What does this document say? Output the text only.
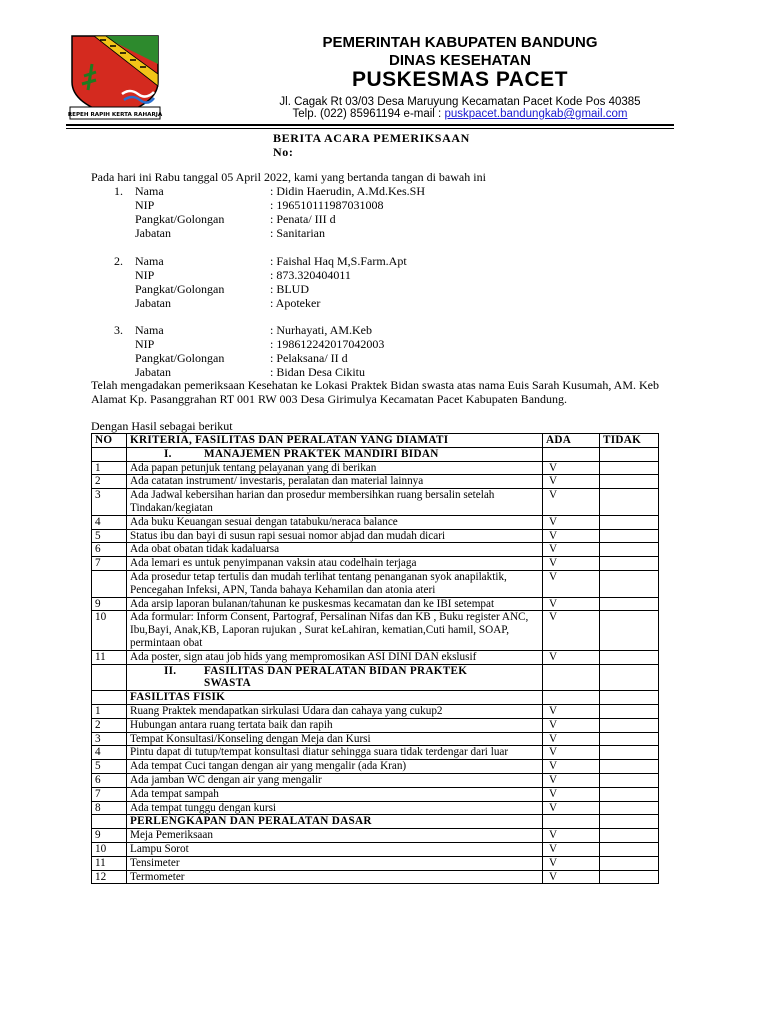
REPEH RAPIH KERTA RAHARJA
PEMERINTAH KABUPATEN BANDUNG
DINAS KESEHATAN
PUSKESMAS PACET
Jl. Cagak Rt 03/03 Desa Maruyung Kecamatan Pacet Kode Pos 40385
Telp. (022) 85961194 e-mail : puskpacet.bandungkab@gmail.com
BERITA ACARA PEMERIKSAAN
No:
Pada hari ini Rabu tanggal 05 April 2022, kami yang bertanda tangan di bawah ini
1. Nama	: Didin Haerudin, A.Md.Kes.SH
NIP	: 196510111987031008
Pangkat/Golongan	: Penata/ III d
Jabatan	: Sanitarian
2. Nama	: Faishal Haq M,S.Farm.Apt
NIP	: 873.320404011
Pangkat/Golongan	: BLUD
Jabatan	: Apoteker
3. Nama	: Nurhayati, AM.Keb
NIP	: 198612242017042003
Pangkat/Golongan	: Pelaksana/ II d
Jabatan	: Bidan Desa Cikitu
Telah mengadakan pemeriksaan Kesehatan ke Lokasi Praktek Bidan swasta atas nama Euis Sarah Kusumah, AM. Keb Alamat Kp. Pasanggrahan RT 001 RW 003 Desa Girimulya Kecamatan Pacet Kabupaten Bandung.
Dengan Hasil sebagai berikut
NO	KRITERIA, FASILITAS DAN PERALATAN YANG DIAMATI	ADA	TIDAK
	I. MANAJEMEN PRAKTEK MANDIRI BIDAN		
1	Ada papan petunjuk tentang pelayanan yang di berikan	V	
2	Ada catatan instrument/ investaris, peralatan dan material lainnya	V	
3	Ada Jadwal kebersihan harian dan prosedur membersihkan ruang bersalin setelah Tindakan/kegiatan	V	
4	Ada buku Keuangan sesuai dengan tatabuku/neraca balance	V	
5	Status ibu dan bayi di susun rapi sesuai nomor abjad dan mudah dicari	V	
6	Ada obat obatan tidak kadaluarsa	V	
7	Ada lemari es untuk penyimpanan vaksin atau codelhain terjaga	V	
	Ada prosedur tetap tertulis dan mudah terlihat tentang penanganan syok anapilaktik, Pencegahan Infeksi, APN, Tanda bahaya Kehamilan dan atonia ateri	V	
9	Ada arsip laporan bulanan/tahunan ke puskesmas kecamatan dan ke IBI setempat	V	
10	Ada formular: Inform Consent, Partograf, Persalinan Nifas dan KB , Buku register ANC, Ibu,Bayi, Anak,KB, Laporan rujukan , Surat keLahiran, kematian,Cuti hamil, SOAP, permintaan obat	V	
11	Ada poster, sign atau job hids yang mempromosikan ASI DINI DAN ekslusif	V	
	II. FASILITAS DAN PERALATAN BIDAN PRAKTEK SWASTA		
	FASILITAS FISIK		
1	Ruang Praktek mendapatkan sirkulasi Udara dan cahaya yang cukup2	V	
2	Hubungan antara ruang tertata baik dan rapih	V	
3	Tempat Konsultasi/Konseling dengan Meja dan Kursi	V	
4	Pintu dapat di tutup/tempat konsultasi diatur sehingga suara tidak terdengar dari luar	V	
5	Ada tempat Cuci tangan dengan air yang mengalir (ada Kran)	V	
6	Ada jamban WC dengan air yang mengalir	V	
7	Ada tempat sampah	V	
8	Ada tempat tunggu dengan kursi	V	
	PERLENGKAPAN DAN PERALATAN DASAR		
9	Meja Pemeriksaan	V	
10	Lampu Sorot	V	
11	Tensimeter	V	
12	Termometer	V	
